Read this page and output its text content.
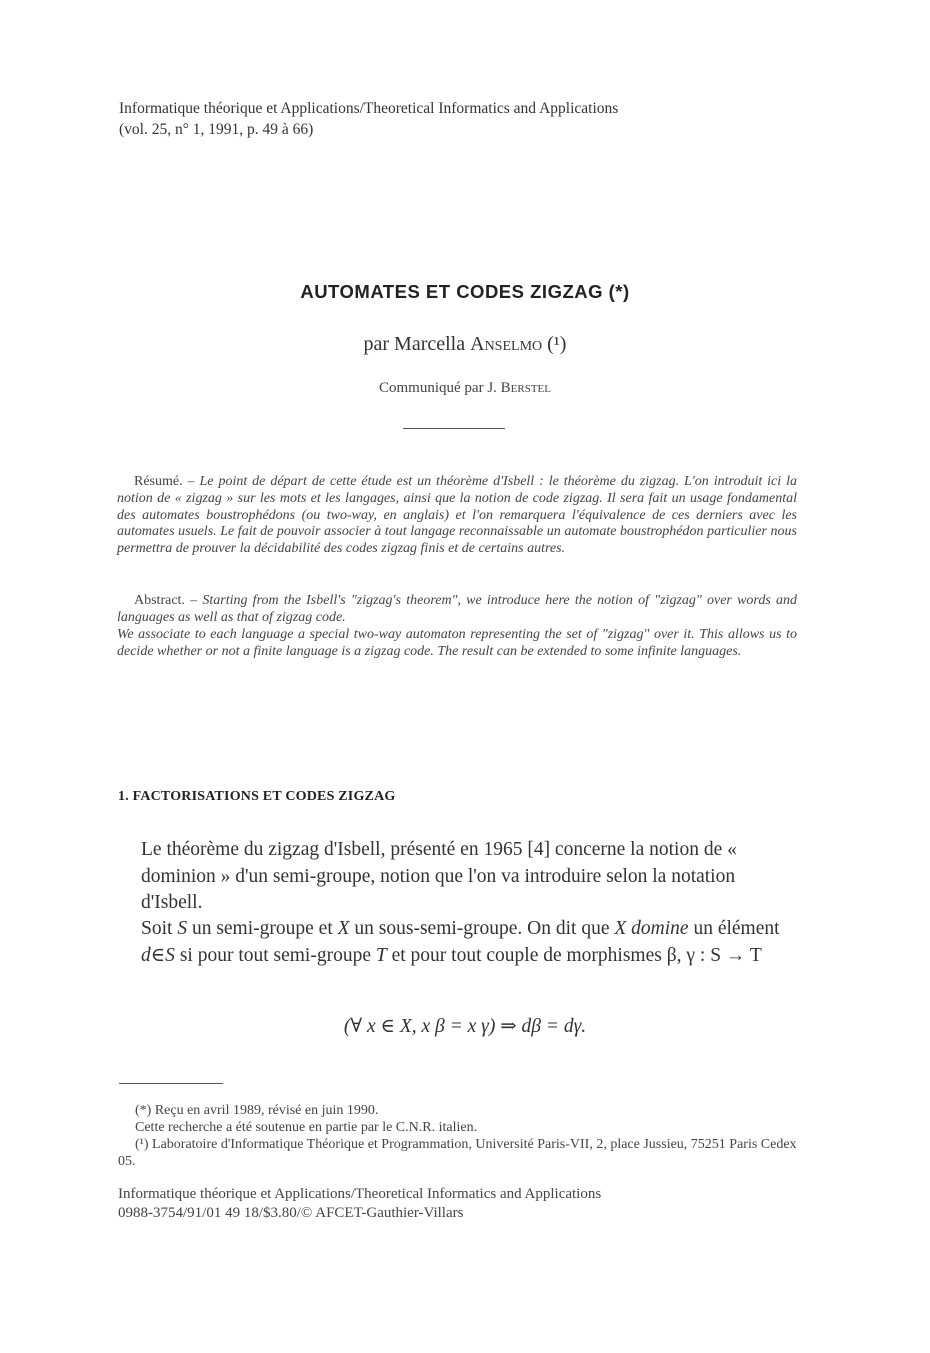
Informatique théorique et Applications/Theoretical Informatics and Applications
(vol. 25, n° 1, 1991, p. 49 à 66)
AUTOMATES ET CODES ZIGZAG (*)
par Marcella Anselmo (¹)
Communiqué par J. Berstel
Résumé. – Le point de départ de cette étude est un théorème d'Isbell : le théorème du zigzag. L'on introduit ici la notion de « zigzag » sur les mots et les langages, ainsi que la notion de code zigzag. Il sera fait un usage fondamental des automates boustrophédons (ou two-way, en anglais) et l'on remarquera l'équivalence de ces derniers avec les automates usuels. Le fait de pouvoir associer à tout langage reconnaissable un automate boustrophédon particulier nous permettra de prouver la décidabilité des codes zigzag finis et de certains autres.
Abstract. – Starting from the Isbell's "zigzag's theorem", we introduce here the notion of "zigzag" over words and languages as well as that of zigzag code.
We associate to each language a special two-way automaton representing the set of "zigzag" over it. This allows us to decide whether or not a finite language is a zigzag code. The result can be extended to some infinite languages.
1. FACTORISATIONS ET CODES ZIGZAG
Le théorème du zigzag d'Isbell, présenté en 1965 [4] concerne la notion de « dominion » d'un semi-groupe, notion que l'on va introduire selon la notation d'Isbell.
Soit S un semi-groupe et X un sous-semi-groupe. On dit que X domine un élément d∈S si pour tout semi-groupe T et pour tout couple de morphismes β, γ : S → T
(∀ x ∈ X, x β = x γ) ⇒ dβ = dγ.
(*) Reçu en avril 1989, révisé en juin 1990.
Cette recherche a été soutenue en partie par le C.N.R. italien.
(¹) Laboratoire d'Informatique Théorique et Programmation, Université Paris-VII, 2, place Jussieu, 75251 Paris Cedex 05.
Informatique théorique et Applications/Theoretical Informatics and Applications
0988-3754/91/01 49 18/$3.80/© AFCET-Gauthier-Villars
